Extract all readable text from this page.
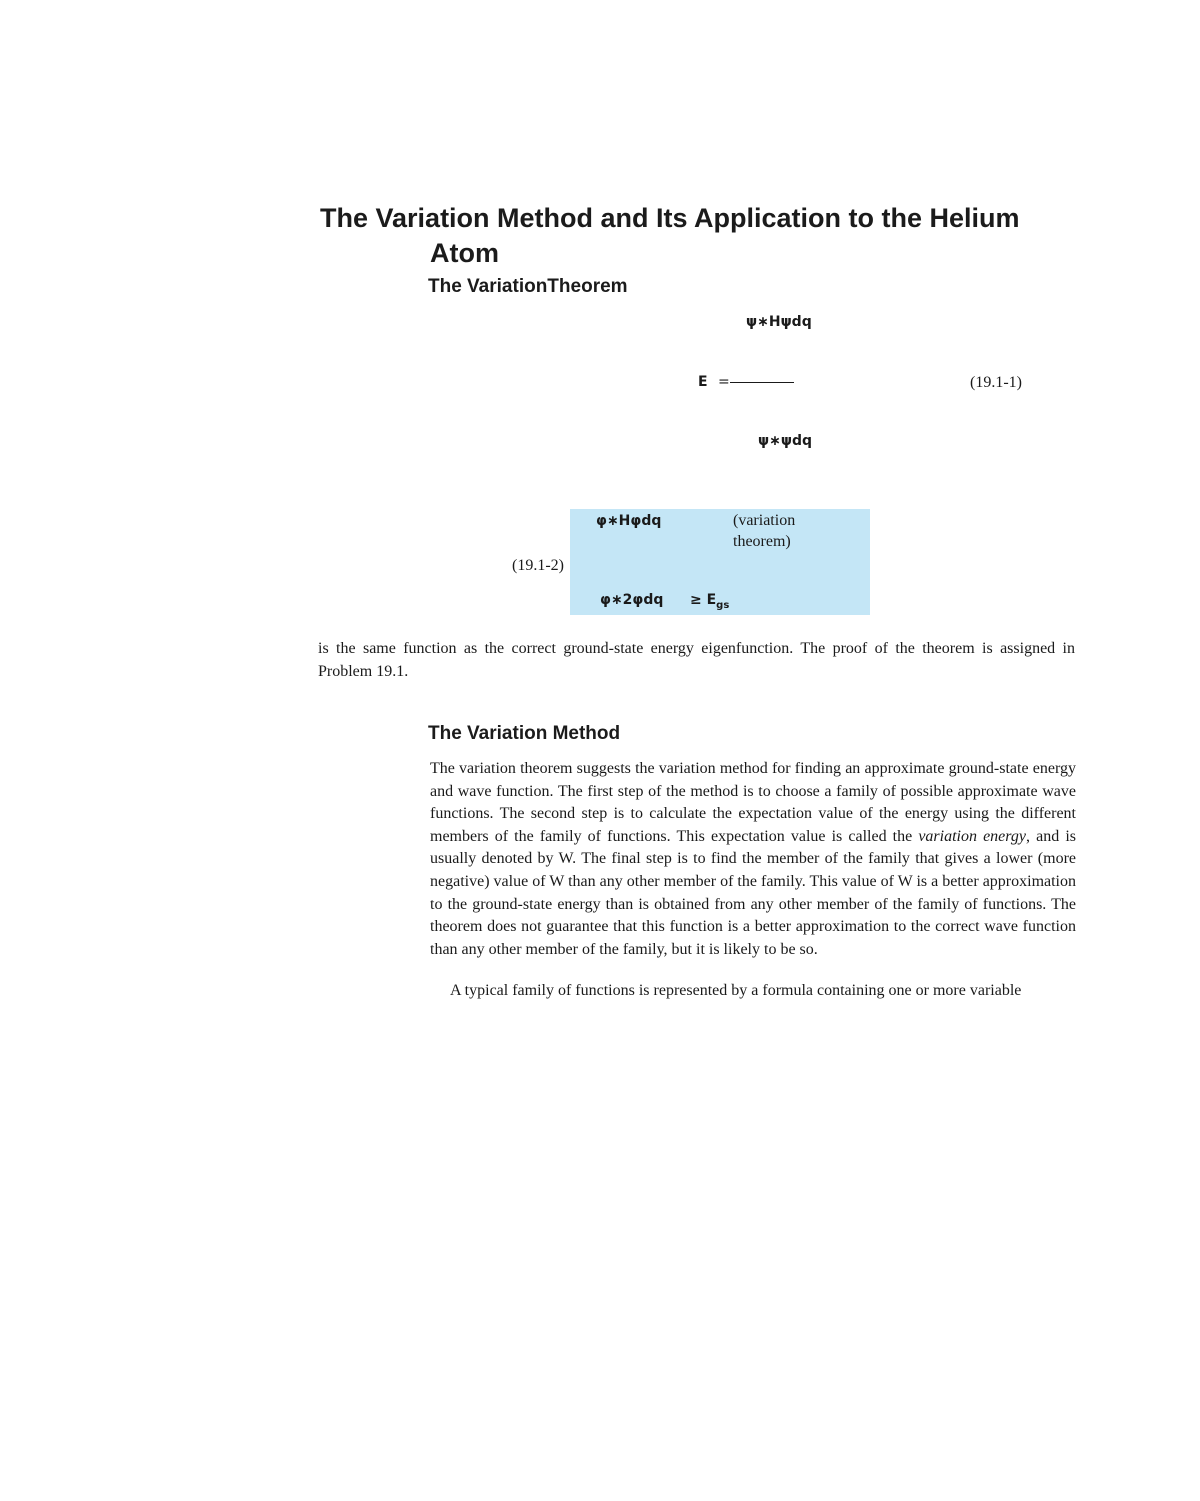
The Variation Method and Its Application to the Helium
Atom
The VariationTheorem
ψ∗Hψdq
E =
ψ∗ψdq
(19.1-1)
φ∗Hφdq	(variation
theorem)
(19.1-2)
φ∗2φdq ≥ $E_{gs}$
is the same function as the correct ground-state energy eigenfunction. The proof of the theorem is assigned in Problem 19.1.
The Variation Method
The variation theorem suggests the variation method for finding an approximate ground-state energy and wave function. The first step of the method is to choose a family of possible approximate wave functions. The second step is to calculate the expectation value of the energy using the different members of the family of functions. This expectation value is called the variation energy, and is usually denoted by W. The final step is to find the member of the family that gives a lower (more negative) value of W than any other member of the family. This value of W is a better approximation to the ground-state energy than is obtained from any other member of the family of functions. The theorem does not guarantee that this function is a better approximation to the correct wave function than any other member of the family, but it is likely to be so.
A typical family of functions is represented by a formula containing one or more variable
